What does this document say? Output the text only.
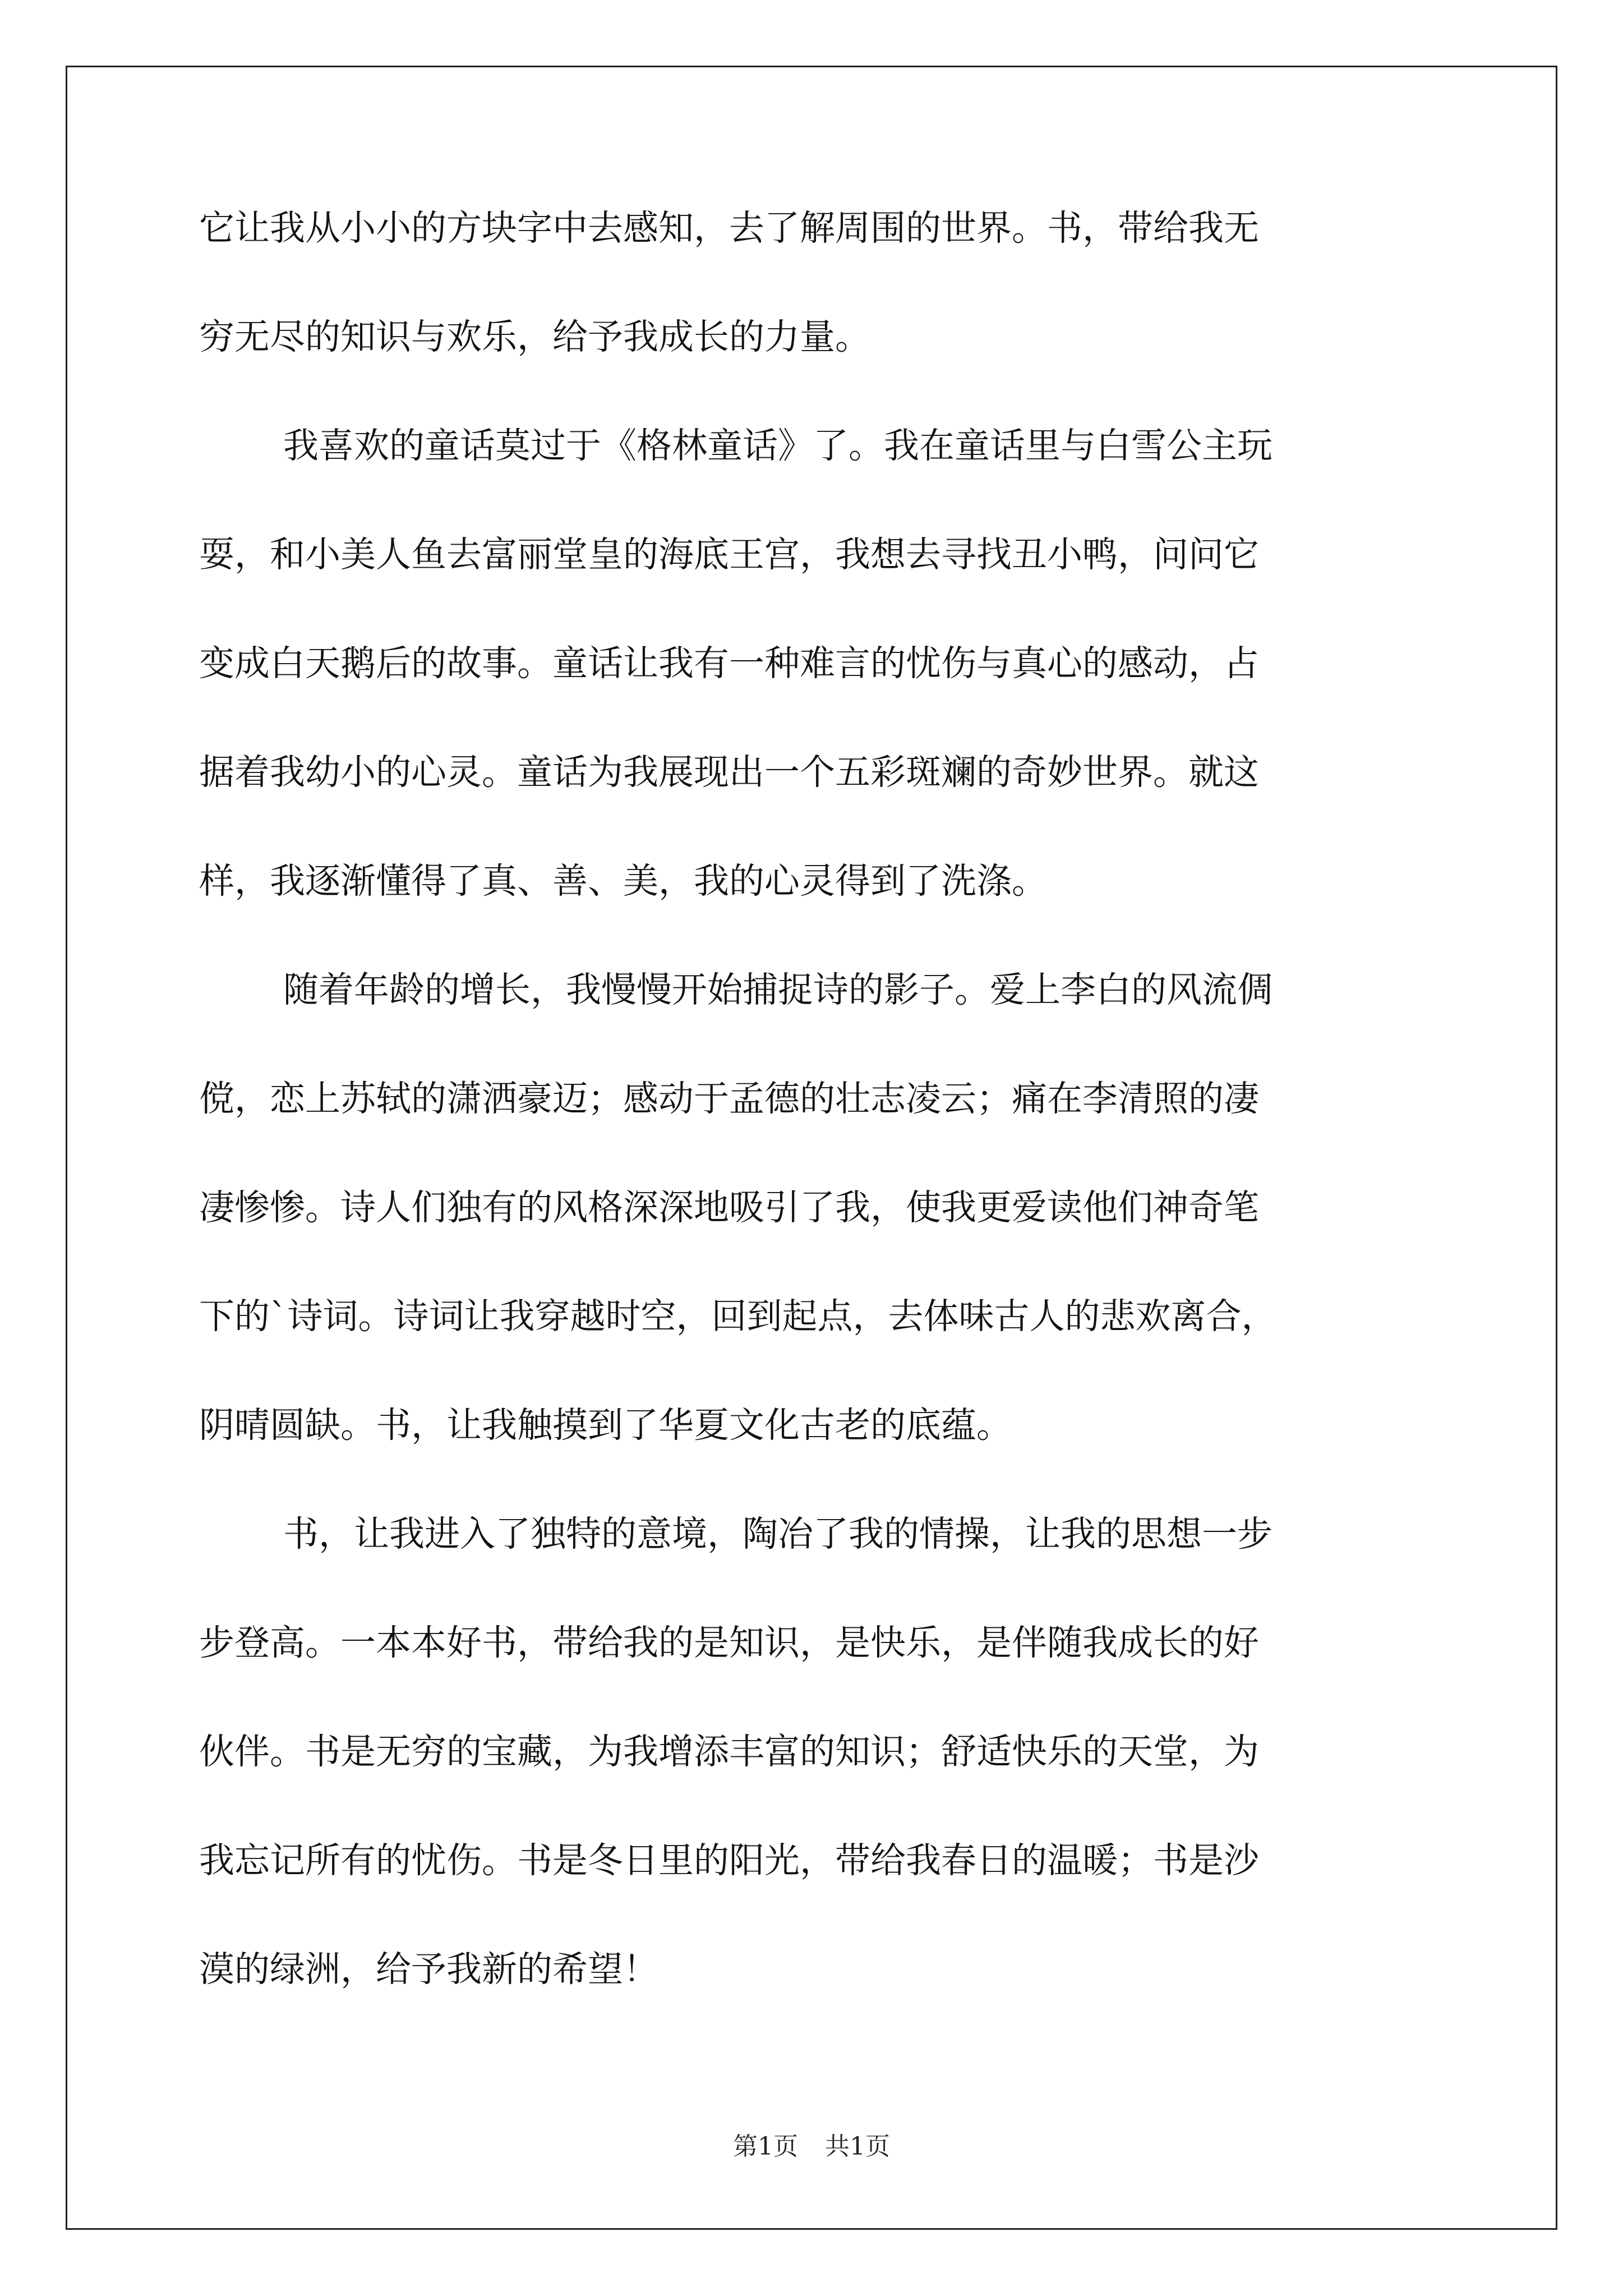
它让我从小小的方块字中去感知，去了解周围的世界。书，带给我无

穷无尽的知识与欢乐，给予我成长的力量。

我喜欢的童话莫过于《格林童话》了。我在童话里与白雪公主玩

耍，和小美人鱼去富丽堂皇的海底王宫，我想去寻找丑小鸭，问问它

变成白天鹅后的故事。童话让我有一种难言的忧伤与真心的感动，占

据着我幼小的心灵。童话为我展现出一个五彩斑斓的奇妙世界。就这

样，我逐渐懂得了真、善、美，我的心灵得到了洗涤。

随着年龄的增长，我慢慢开始捕捉诗的影子。爱上李白的风流倜

傥，恋上苏轼的潇洒豪迈；感动于孟德的壮志凌云；痛在李清照的凄

凄惨惨。诗人们独有的风格深深地吸引了我，使我更爱读他们神奇笔

下的`诗词。诗词让我穿越时空，回到起点，去体味古人的悲欢离合，

阴晴圆缺。书，让我触摸到了华夏文化古老的底蕴。

书，让我进入了独特的意境，陶冶了我的情操，让我的思想一步

步登高。一本本好书，带给我的是知识，是快乐，是伴随我成长的好

伙伴。书是无穷的宝藏，为我增添丰富的知识；舒适快乐的天堂，为

我忘记所有的忧伤。书是冬日里的阳光，带给我春日的温暖；书是沙

漠的绿洲，给予我新的希望！

第1页 共1页
